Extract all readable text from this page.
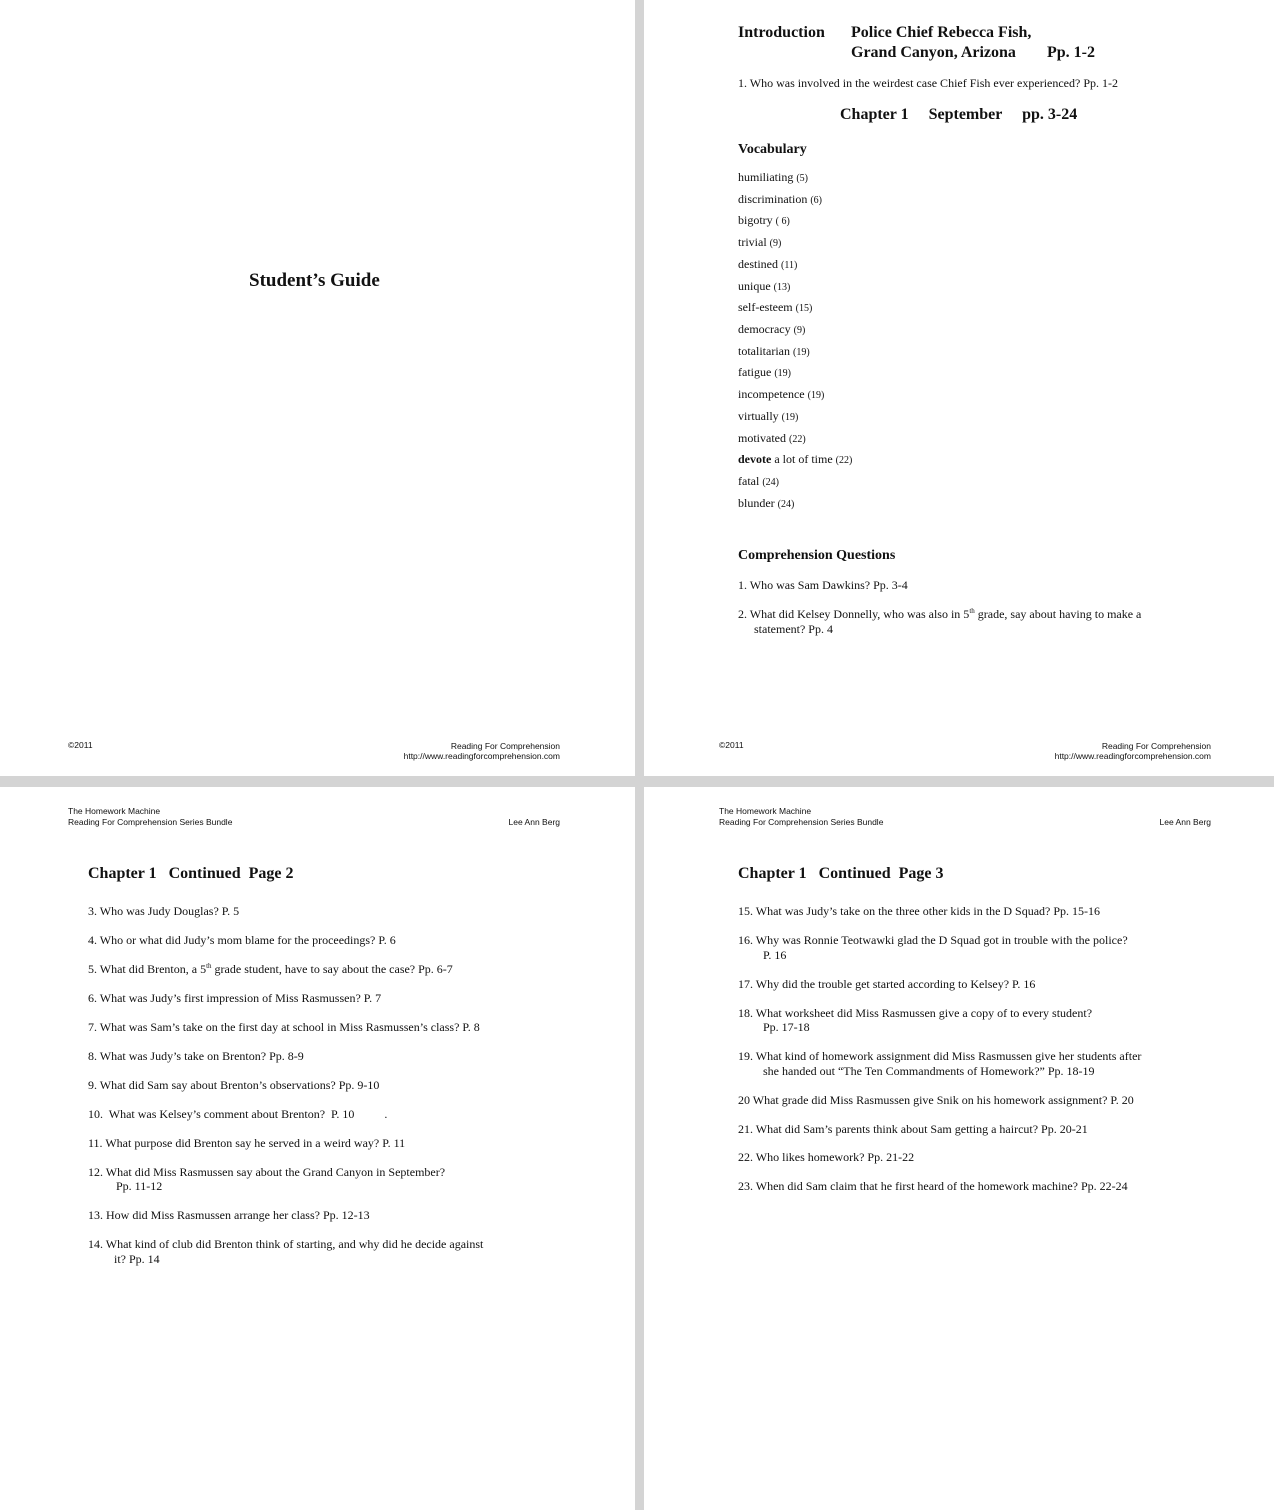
Student’s Guide
©2011	Reading For Comprehension
http://www.readingforcomprehension.com
Introduction Police Chief Rebecca Fish,
Grand Canyon, Arizona Pp. 1-2
1. Who was involved in the weirdest case Chief Fish ever experienced? Pp. 1-2
Chapter 1     September     pp. 3-24
Vocabulary
humiliating (5)
discrimination (6)
bigotry ( 6)
trivial (9)
destined (11)
unique (13)
self-esteem (15)
democracy (9)
totalitarian (19)
fatigue (19)
incompetence (19)
virtually (19)
motivated (22)
devote a lot of time (22)
fatal (24)
blunder (24)
Comprehension Questions
1. Who was Sam Dawkins? Pp. 3-4
2. What did Kelsey Donnelly, who was also in 5th grade, say about having to make a
statement? Pp. 4
©2011	Reading For Comprehension
http://www.readingforcomprehension.com
The Homework Machine
Reading For Comprehension Series Bundle	Lee Ann Berg
Chapter 1   Continued  Page 2
3. Who was Judy Douglas? P. 5
4. Who or what did Judy’s mom blame for the proceedings? P. 6
5. What did Brenton, a 5th grade student, have to say about the case? Pp. 6-7
6. What was Judy’s first impression of Miss Rasmussen? P. 7
7. What was Sam’s take on the first day at school in Miss Rasmussen’s class? P. 8
8. What was Judy’s take on Brenton? Pp. 8-9
9. What did Sam say about Brenton’s observations? Pp. 9-10
10.  What was Kelsey’s comment about Brenton?  P. 10          .
11. What purpose did Brenton say he served in a weird way? P. 11
12. What did Miss Rasmussen say about the Grand Canyon in September?
Pp. 11-12
13. How did Miss Rasmussen arrange her class? Pp. 12-13
14. What kind of club did Brenton think of starting, and why did he decide against
it? Pp. 14
The Homework Machine
Reading For Comprehension Series Bundle	Lee Ann Berg
Chapter 1   Continued  Page 3
15. What was Judy’s take on the three other kids in the D Squad? Pp. 15-16
16. Why was Ronnie Teotwawki glad the D Squad got in trouble with the police?
P. 16
17. Why did the trouble get started according to Kelsey? P. 16
18. What worksheet did Miss Rasmussen give a copy of to every student?
Pp. 17-18
19. What kind of homework assignment did Miss Rasmussen give her students after
she handed out “The Ten Commandments of Homework?” Pp. 18-19
20 What grade did Miss Rasmussen give Snik on his homework assignment? P. 20
21. What did Sam’s parents think about Sam getting a haircut? Pp. 20-21
22. Who likes homework? Pp. 21-22
23. When did Sam claim that he first heard of the homework machine? Pp. 22-24
